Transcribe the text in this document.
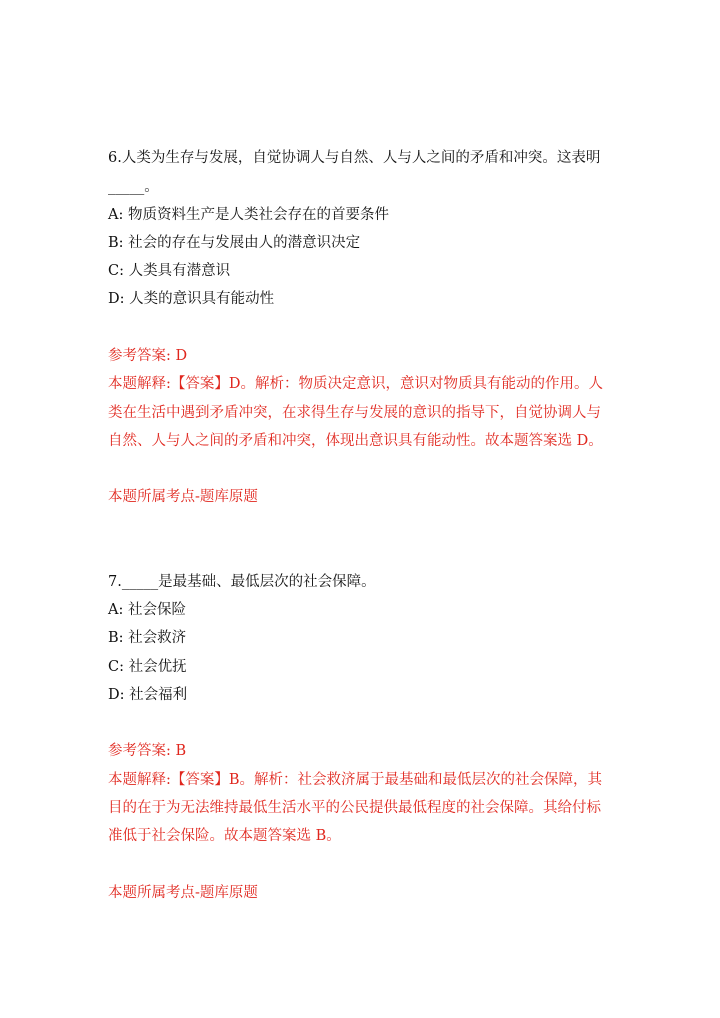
6.人类为生存与发展，自觉协调人与自然、人与人之间的矛盾和冲突。这表明
_____。
A: 物质资料生产是人类社会存在的首要条件
B: 社会的存在与发展由人的潜意识决定
C: 人类具有潜意识
D: 人类的意识具有能动性
参考答案: D
本题解释:【答案】D。解析：物质决定意识，意识对物质具有能动的作用。人
类在生活中遇到矛盾冲突，在求得生存与发展的意识的指导下，自觉协调人与
自然、人与人之间的矛盾和冲突，体现出意识具有能动性。故本题答案选 D。
本题所属考点-题库原题
7._____是最基础、最低层次的社会保障。
A: 社会保险
B: 社会救济
C: 社会优抚
D: 社会福利
参考答案: B
本题解释:【答案】B。解析：社会救济属于最基础和最低层次的社会保障，其
目的在于为无法维持最低生活水平的公民提供最低程度的社会保障。其给付标
准低于社会保险。故本题答案选 B。
本题所属考点-题库原题
